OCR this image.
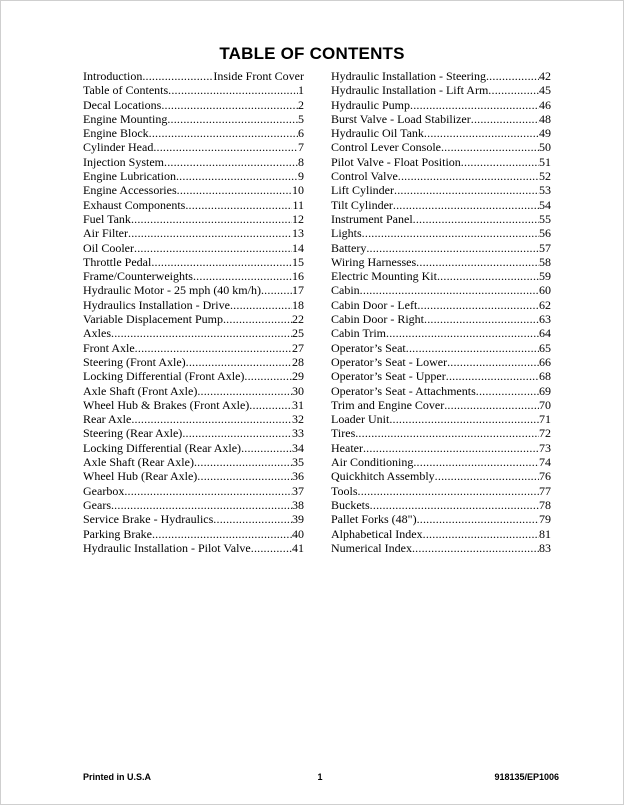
TABLE OF CONTENTS
Introduction .....	Inside Front Cover
Table of Contents .....	1
Decal Locations .....	2
Engine Mounting .....	5
Engine Block .....	6
Cylinder Head .....	7
Injection System .....	8
Engine Lubrication .....	9
Engine Accessories .....	10
Exhaust Components .....	11
Fuel Tank .....	12
Air Filter .....	13
Oil Cooler .....	14
Throttle Pedal .....	15
Frame/Counterweights .....	16
Hydraulic Motor - 25 mph (40 km/h) .....	17
Hydraulics Installation - Drive .....	18
Variable Displacement Pump .....	22
Axles .....	25
Front Axle .....	27
Steering (Front Axle) .....	28
Locking Differential (Front Axle) .....	29
Axle Shaft (Front Axle) .....	30
Wheel Hub & Brakes (Front Axle) .....	31
Rear Axle .....	32
Steering (Rear Axle) .....	33
Locking Differential (Rear Axle) .....	34
Axle Shaft (Rear Axle) .....	35
Wheel Hub (Rear Axle) .....	36
Gearbox .....	37
Gears .....	38
Service Brake - Hydraulics .....	39
Parking Brake .....	40
Hydraulic Installation - Pilot Valve .....	41
Hydraulic Installation - Steering .....	42
Hydraulic Installation - Lift Arm .....	45
Hydraulic Pump .....	46
Burst Valve - Load Stabilizer .....	48
Hydraulic Oil Tank .....	49
Control Lever Console .....	50
Pilot Valve - Float Position .....	51
Control Valve .....	52
Lift Cylinder .....	53
Tilt Cylinder .....	54
Instrument Panel .....	55
Lights .....	56
Battery .....	57
Wiring Harnesses .....	58
Electric Mounting Kit .....	59
Cabin .....	60
Cabin Door - Left .....	62
Cabin Door - Right .....	63
Cabin Trim .....	64
Operator’s Seat .....	65
Operator’s Seat - Lower .....	66
Operator’s Seat - Upper .....	68
Operator’s Seat - Attachments .....	69
Trim and Engine Cover .....	70
Loader Unit .....	71
Tires .....	72
Heater .....	73
Air Conditioning .....	74
Quickhitch Assembly .....	76
Tools .....	77
Buckets .....	78
Pallet Forks (48") .....	79
Alphabetical Index .....	81
Numerical Index .....	83
Printed in U.S.A	1	918135/EP1006
